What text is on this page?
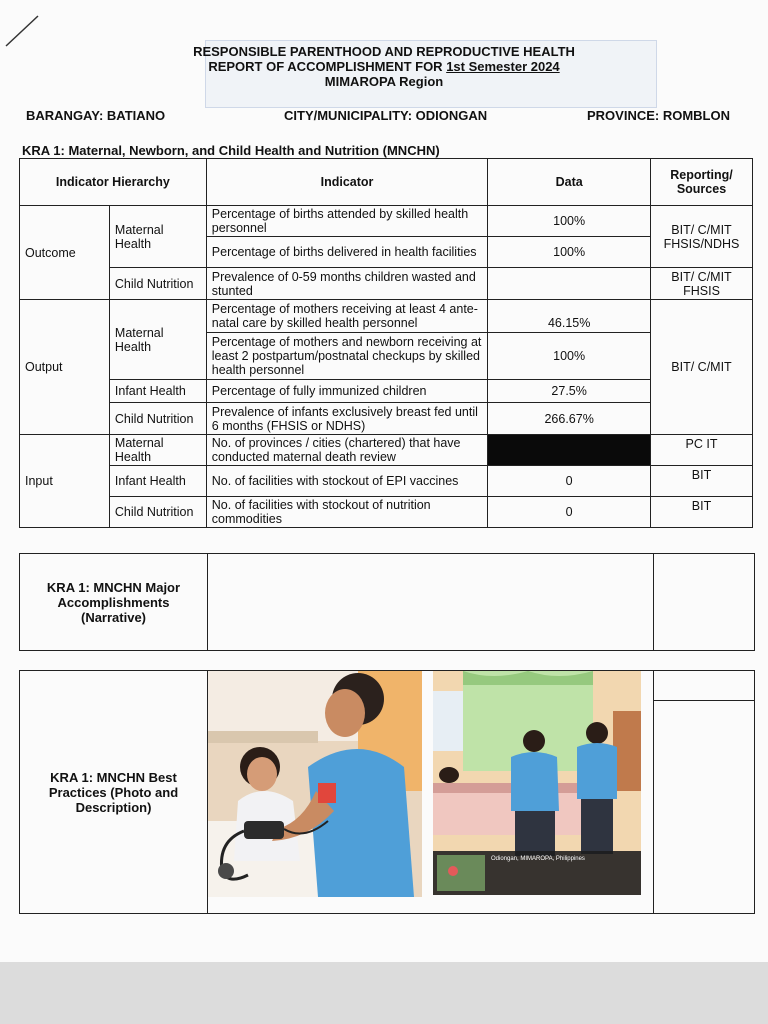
RESPONSIBLE PARENTHOOD AND REPRODUCTIVE HEALTH
REPORT OF ACCOMPLISHMENT FOR 1st Semester 2024
MIMAROPA Region
BARANGAY: BATIANO	CITY/MUNICIPALITY: ODIONGAN	PROVINCE: ROMBLON
KRA 1: Maternal, Newborn, and Child Health and Nutrition (MNCHN)
Indicator Hierarchy		Indicator	Data	Reporting/ Sources
Outcome	Maternal Health	Percentage of births attended by skilled health personnel	100%	BIT/ C/MIT FHSIS/NDHS
		Percentage of births delivered in health facilities	100%	
	Child Nutrition	Prevalence of 0-59 months children wasted and stunted		BIT/ C/MIT FHSIS
Output	Maternal Health	Percentage of mothers receiving at least 4 ante-natal care by skilled health personnel	46.15%	BIT/ C/MIT
		Percentage of mothers and newborn receiving at least 2 postpartum/postnatal checkups by skilled health personnel	100%	
	Infant Health	Percentage of fully immunized children	27.5%	
	Child Nutrition	Prevalence of infants exclusively breast fed until 6 months (FHSIS or NDHS)	266.67%	
Input	Maternal Health	No. of provinces / cities (chartered) that have conducted maternal death review		PC IT
	Infant Health	No. of facilities with stockout of EPI vaccines	0	BIT
	Child Nutrition	No. of facilities with stockout of nutrition commodities	0	BIT
KRA 1: MNCHN Major Accomplishments (Narrative)
KRA 1: MNCHN Best Practices (Photo and Description)
Odiongan, MIMAROPA, Philippines
